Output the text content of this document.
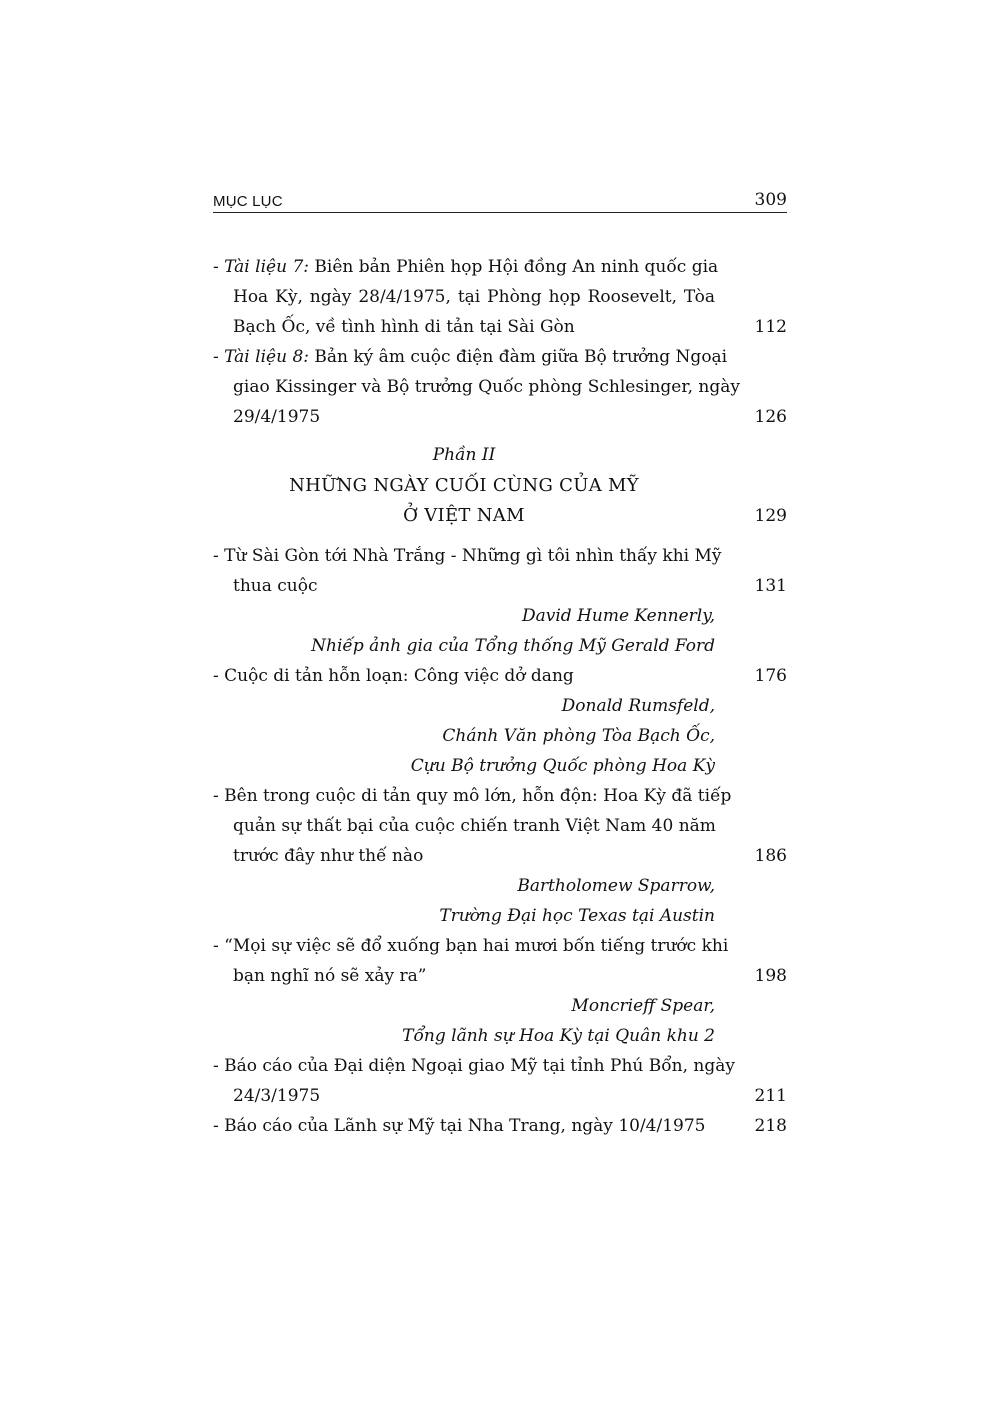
MỤC LỤC	309
- Tài liệu 7: Biên bản Phiên họp Hội đồng An ninh quốc gia
Hoa Kỳ, ngày 28/4/1975, tại Phòng họp Roosevelt, Tòa
Bạch Ốc, về tình hình di tản tại Sài Gòn	112
- Tài liệu 8: Bản ký âm cuộc điện đàm giữa Bộ trưởng Ngoại
giao Kissinger và Bộ trưởng Quốc phòng Schlesinger, ngày
29/4/1975	126
Phần II
NHỮNG NGÀY CUỐI CÙNG CỦA MỸ
Ở VIỆT NAM	129
- Từ Sài Gòn tới Nhà Trắng - Những gì tôi nhìn thấy khi Mỹ
thua cuộc	131
David Hume Kennerly,
Nhiếp ảnh gia của Tổng thống Mỹ Gerald Ford
- Cuộc di tản hỗn loạn: Công việc dở dang	176
Donald Rumsfeld,
Chánh Văn phòng Tòa Bạch Ốc,
Cựu Bộ trưởng Quốc phòng Hoa Kỳ
- Bên trong cuộc di tản quy mô lớn, hỗn độn: Hoa Kỳ đã tiếp
quản sự thất bại của cuộc chiến tranh Việt Nam 40 năm
trước đây như thế nào	186
Bartholomew Sparrow,
Trường Đại học Texas tại Austin
- “Mọi sự việc sẽ đổ xuống bạn hai mươi bốn tiếng trước khi
bạn nghĩ nó sẽ xảy ra”	198
Moncrieff Spear,
Tổng lãnh sự Hoa Kỳ tại Quân khu 2
- Báo cáo của Đại diện Ngoại giao Mỹ tại tỉnh Phú Bổn, ngày
24/3/1975	211
- Báo cáo của Lãnh sự Mỹ tại Nha Trang, ngày 10/4/1975	218
